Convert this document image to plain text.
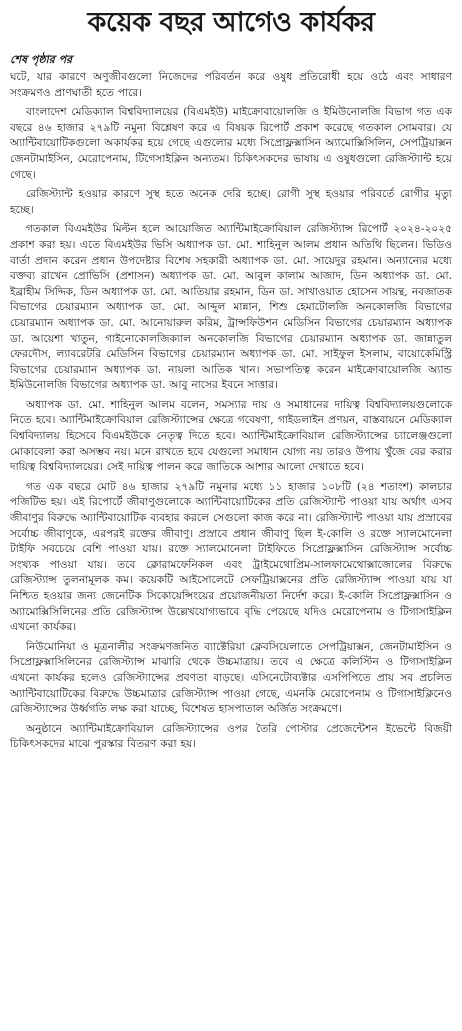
কয়েক বছর আগেও কার্যকর

শেষ পৃষ্ঠার পর

ঘটে, যার কারণে অণুজীবগুলো নিজেদের পরিবর্তন করে ওষুধ প্রতিরোধী হয়ে ওঠে এবং সাধারণ সংক্রমণও প্রাণঘাতী হতে পারে।

বাংলাদেশ মেডিক্যাল বিশ্ববিদ্যালয়ের (বিএমইউ) মাইক্রোবায়োলজি ও ইমিউনোলজি বিভাগ গত এক বছরে ৪৬ হাজার ২৭৯টি নমুনা বিশ্লেষণ করে এ বিষয়ক রিপোর্ট প্রকাশ করেছে গতকাল সোমবার। যে অ্যান্টিবায়োটিকগুলো অকার্যকর হয়ে গেছে এগুলোর মধ্যে সিপ্রোফ্লক্সাসিন অ্যামোক্সিসিলিন, সেপট্রিয়াক্সন জেনটামাইসিন, মেরোপেনাম, টিগেসাইক্লিন অন্যতম। চিকিৎসকদের ভাষায় এ ওষুধগুলো রেজিস্ট্যান্ট হয়ে গেছে।

রেজিস্ট্যান্ট হওয়ার কারণে সুস্থ হতে অনেক দেরি হচ্ছে। রোগী সুস্থ হওয়ার পরিবর্তে রোগীর মৃত্যু হচ্ছে।

গতকাল বিএমইউর মিল্টন হলে আয়োজিত অ্যান্টিমাইক্রোবিয়াল রেজিস্ট্যান্স রিপোর্ট ২০২৪-২০২৫ প্রকাশ করা হয়। এতে বিএমইউর ভিসি অধ্যাপক ডা. মো. শাহিনুল আলম প্রধান অতিথি ছিলেন। ভিডিও বার্তা প্রদান করেন প্রধান উপদেষ্টার বিশেষ সহকারী অধ্যাপক ডা. মো. সায়েদুর রহমান। অন্যান্যের মধ্যে বক্তব্য রাখেন প্রোভিসি (প্রশাসন) অধ্যাপক ডা. মো. আবুল কালাম আজাদ, ডিন অধ্যাপক ডা. মো. ইব্রাহীম সিদ্দিক, ডিন অধ্যাপক ডা. মো. আতিয়ার রহমান, ডিন ডা. সাখাওয়াত হোসেন সায়ন্থ, নবজাতক বিভাগের চেয়ারম্যান অধ্যাপক ডা. মো. আব্দুল মান্নান, শিশু হেমাটোলজি অনকোলজি বিভাগের চেয়ারম্যান অধ্যাপক ডা. মো. আনোয়ারুল করিম, ট্রান্সফিউশন মেডিসিন বিভাগের চেয়ারম্যান অধ্যাপক ডা. আয়েশা খাতুন, গাইনোকোলজিক্যাল অনকোলজি বিভাগের চেয়ারম্যান অধ্যাপক ডা. জান্নাতুল ফেরদৌস, ল্যাবরেটরি মেডিসিন বিভাগের চেয়ারম্যান অধ্যাপক ডা. মো. সাইফুল ইসলাম, বায়োকেমিস্ট্রি বিভাগের চেয়ারম্যান অধ্যাপক ডা. নায়লা আতিক খান। সভাপতিত্ব করেন মাইক্রোবায়োলজি অ্যান্ড ইমিউনোলজি বিভাগের অধ্যাপক ডা. আবু নাসের ইবনে সাত্তার।

অধ্যাপক ডা. মো. শাহিনুল আলম বলেন, সমস্যার দায় ও সমাধানের দায়িত্ব বিশ্ববিদ্যালয়গুলোকে নিতে হবে। অ্যান্টিমাইক্রোবিয়াল রেজিস্ট্যান্সের ক্ষেত্রে গবেষণা, গাইডলাইন প্রণয়ন, বাস্তবায়নে মেডিক্যাল বিশ্ববিদ্যালয় হিসেবে বিএমইউকে নেতৃত্ব দিতে হবে। অ্যান্টিমাইক্রোবিয়াল রেজিস্ট্যান্সের চ্যালেঞ্জগুলো মোকাবেলা করা অসম্ভব নয়। মনে রাখতে হবে যেগুলো সমাধান যোগ্য নয় তারও উপায় খুঁজে বের করার দায়িত্ব বিশ্ববিদ্যালয়ের। সেই দায়িত্ব পালন করে জাতিকে আশার আলো দেখাতে হবে।

গত এক বছরে মোট ৪৬ হাজার ২৭৯টি নমুনার মধ্যে ১১ হাজার ১০৮টি (২৪ শতাংশ) কালচার পজিটিভ হয়। এই রিপোর্টে জীবাণুগুলোকে অ্যান্টিবায়োটিকের প্রতি রেজিস্ট্যান্ট পাওয়া যায় অর্থাৎ এসব জীবাণুর বিরুদ্ধে অ্যান্টিবায়োটিক ব্যবহার করলে সেগুলো কাজ করে না। রেজিস্ট্যান্ট পাওয়া যায় প্রস্রাবের সর্বোচ্চ জীবাণুকে, এরপরই রক্তের জীবাণু। প্রস্রাবে প্রধান জীবাণু ছিল ই-কোলি ও রক্তে স্যালমোনেলা টাইফি সবচেয়ে বেশি পাওয়া যায়। রক্তে স্যালমোনেলা টাইফিতে সিপ্রোফ্লক্সাসিন রেজিস্ট্যান্স সর্বোচ্চ সংখ্যক পাওয়া যায়। তবে ক্লোরামফেনিকল এবং ট্রাইমেথোপ্রিম-সালফামেথোক্সাজোলের বিরুদ্ধে রেজিস্ট্যান্স তুলনামূলক কম। কয়েকটি আইসোলেটে সেফট্রিয়াক্সনের প্রতি রেজিস্ট্যান্স পাওয়া যায় যা নিশ্চিত হওয়ার জন্য জেনেটিক সিকোয়েন্সিংয়ের প্রয়োজনীয়তা নির্দেশ করে। ই-কোলি সিপ্রোফ্লক্সাসিন ও অ্যামোক্সিসিলিনের প্রতি রেজিস্ট্যান্স উল্লেখযোগ্যভাবে বৃদ্ধি পেয়েছে যদিও মেরোপেনাম ও টিগাসাইক্লিন এখনো কার্যকর।

নিউমোনিয়া ও মূত্রনালীর সংক্রমণজনিত ব্যাক্টেরিয়া ক্লেবসিয়েলাতে সেপট্রিয়াক্সন, জেনটামাইসিন ও সিপ্রোফ্লক্সাসিলিনের রেজিস্ট্যান্স মাঝারি থেকে উচ্চমাত্রায়। তবে এ ক্ষেত্রে কলিস্টিন ও টিগাসাইক্লিন এখনো কার্যকর হলেও রেজিস্ট্যান্সের প্রবণতা বাড়ছে। এসিনেটোব্যক্টার এসপিপিতে প্রায় সব প্রচলিত অ্যান্টিবায়োটিকের বিরুদ্ধে উচ্চমাত্রার রেজিস্ট্যান্স পাওয়া গেছে, এমনকি মেরোপেনাম ও টিগাসাইক্লিনেও রেজিস্ট্যান্সের উর্ধ্বগতি লক্ষ করা যাচ্ছে, বিশেষত হাসপাতাল অর্জিত সংক্রমণে।

অনুষ্ঠানে অ্যান্টিমাইক্রোবিয়াল রেজিস্ট্যান্সের ওপর তৈরি পোস্টার প্রেজেন্টেশন ইভেন্টে বিজয়ী চিকিৎসকদের মাঝে পুরস্কার বিতরণ করা হয়।
